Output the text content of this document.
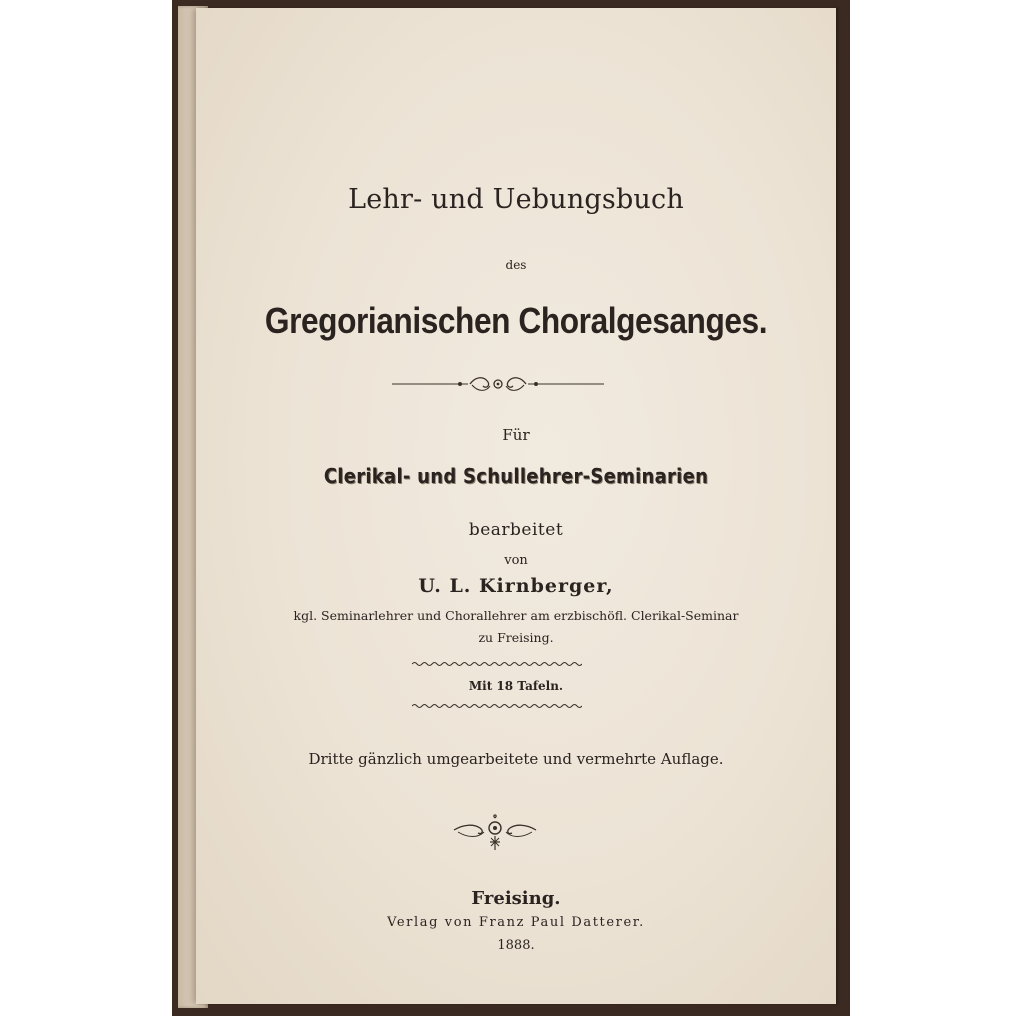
Lehr- und Uebungsbuch
des
Gregorianischen Choralgesanges.
Für
Clerikal- und Schullehrer-Seminarien
bearbeitet
von
U. L. Kirnberger,
kgl. Seminarlehrer und Chorallehrer am erzbischöfl. Clerikal-Seminar
zu Freising.
Mit 18 Tafeln.
Dritte gänzlich umgearbeitete und vermehrte Auflage.
Freising.
Verlag von Franz Paul Datterer.
1888.
